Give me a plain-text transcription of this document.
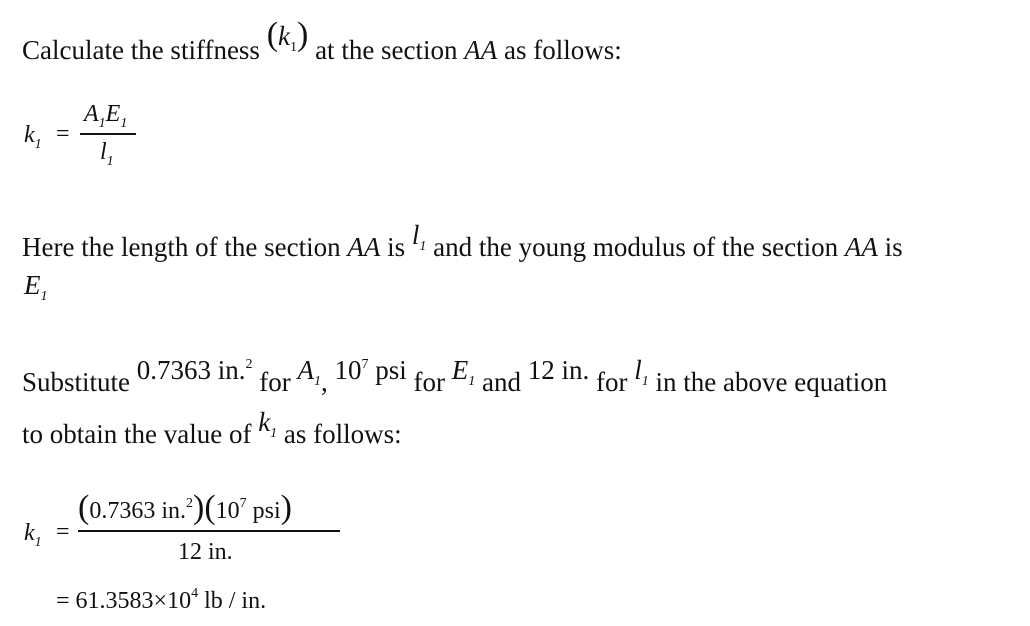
Calculate the stiffness $(k_1)$ at the section AA as follows:
$k_1$ =
$A_1E_1$
$l_1$
Here the length of the section AA is $l_1$ and the young modulus of the section AA is
$E_1$
Substitute 0.7363 in.$^2$ for $A_1$, $10^7$ psi for $E_1$ and 12 in. for $l_1$ in the above equation
to obtain the value of $k_1$ as follows:
$k_1$ =
(0.7363 $in.^2)(10^7$ psi)
12 in.
= $61.3583\times 10^4$ lb / in.
